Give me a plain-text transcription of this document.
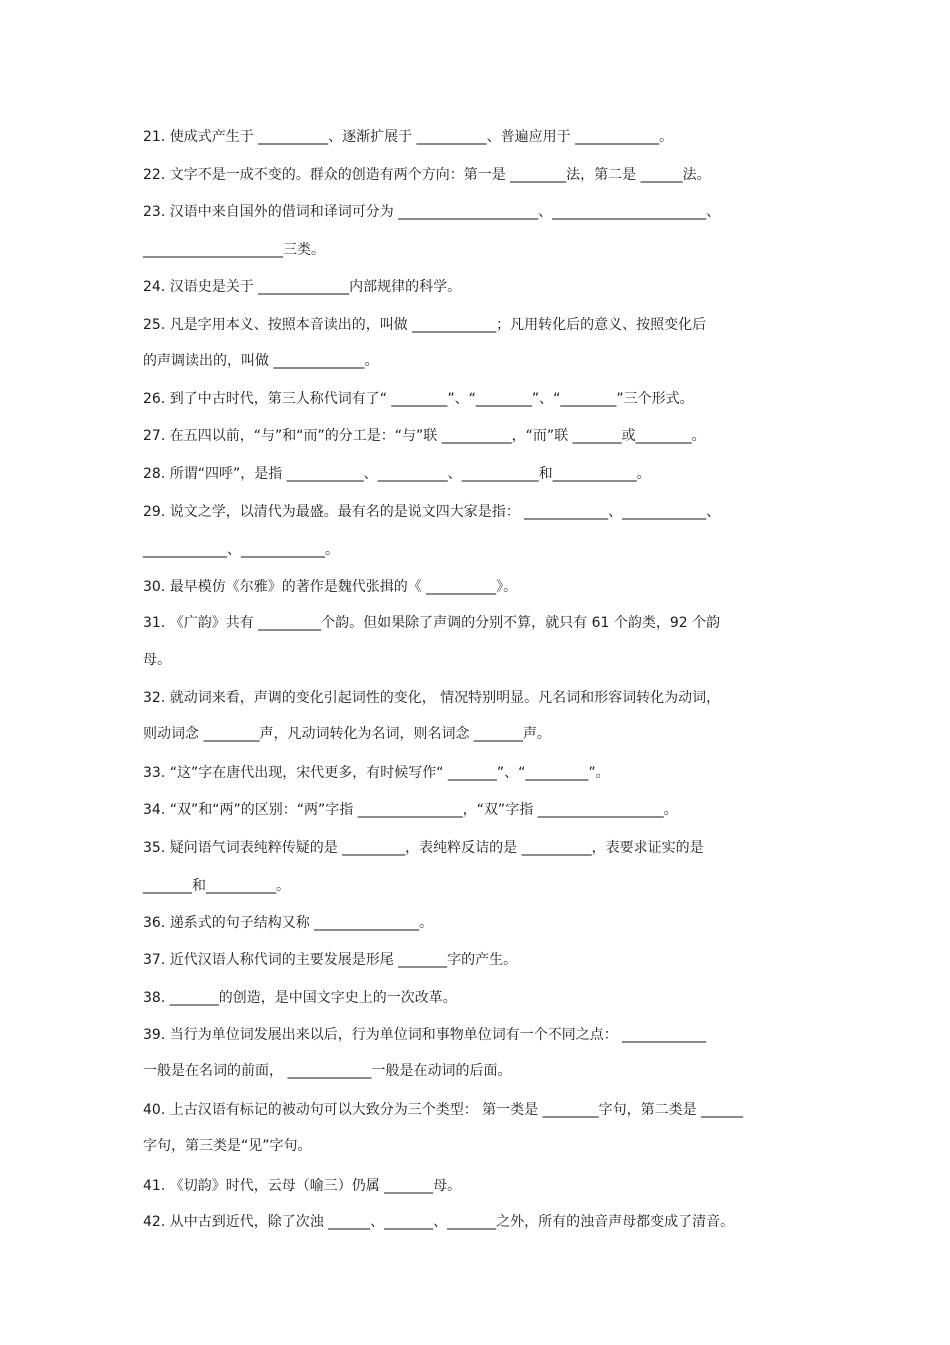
21. 使成式产生于 __________、逐渐扩展于 __________、普遍应用于 ____________。
22. 文字不是一成不变的。群众的创造有两个方向：第一是 ________法，第二是 ______法。
23. 汉语中来自国外的借词和译词可分为 ____________________、______________________、
____________________三类。
24. 汉语史是关于 _____________内部规律的科学。
25. 凡是字用本义、按照本音读出的，叫做 ____________；凡用转化后的意义、按照变化后
的声调读出的，叫做 _____________。
26. 到了中古时代，第三人称代词有了“ ________”、“________”、“________”三个形式。
27. 在五四以前，“与”和“而”的分工是：“与”联 __________，“而”联 _______或________。
28. 所谓“四呼”，是指 ___________、__________、___________和____________。
29. 说文之学，以清代为最盛。最有名的是说文四大家是指： ____________、____________、
____________、____________。
30. 最早模仿《尔雅》的著作是魏代张揖的《 __________》。
31. 《广韵》共有 _________个韵。但如果除了声调的分别不算，就只有 61 个韵类，92 个韵
母。
32. 就动词来看，声调的变化引起词性的变化， 情况特别明显。凡名词和形容词转化为动词，
则动词念 ________声，凡动词转化为名词，则名词念 _______声。
33. “这”字在唐代出现，宋代更多，有时候写作“ _______”、“_________”。
34. “双”和“两”的区别：“两”字指 _______________，“双”字指 __________________。
35. 疑问语气词表纯粹传疑的是 _________，表纯粹反诘的是 __________，表要求证实的是
_______和__________。
36. 递系式的句子结构又称 _______________。
37. 近代汉语人称代词的主要发展是形尾 _______字的产生。
38. _______的创造，是中国文字史上的一次改革。
39. 当行为单位词发展出来以后，行为单位词和事物单位词有一个不同之点： ____________
一般是在名词的前面， ____________一般是在动词的后面。
40. 上古汉语有标记的被动句可以大致分为三个类型： 第一类是 ________字句，第二类是 ______
字句，第三类是“见”字句。
41. 《切韵》时代，云母（喻三）仍属 _______母。
42. 从中古到近代，除了次浊 ______、_______、_______之外，所有的浊音声母都变成了清音。
